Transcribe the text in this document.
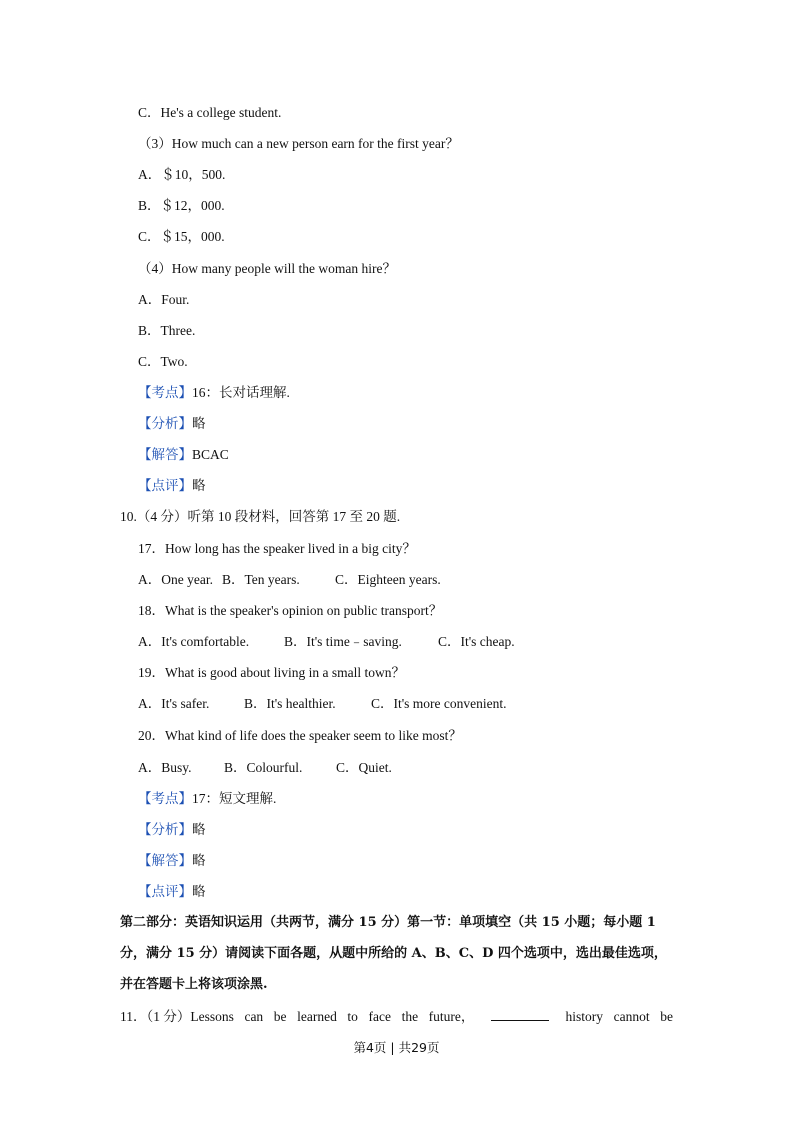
C．He's a college student.
（3）How much can a new person earn for the first year？
A．＄10，500.
B．＄12，000.
C．＄15，000.
（4）How many people will the woman hire？
A．Four.
B．Three.
C．Two.
【考点】16：长对话理解.
【分析】略
【解答】BCAC
【点评】略
10.（4 分）听第 10 段材料，回答第 17 至 20 题.
17．How long has the speaker lived in a big city？
A．One year. B．Ten years.	C．Eighteen years.
18．What is the speaker's opinion on public transport？
A．It's comfortable.	B．It's time﹣saving.	C．It's cheap.
19．What is good about living in a small town？
A．It's safer.	B．It's healthier.	C．It's more convenient.
20．What kind of life does the speaker seem to like most？
A．Busy. B．Colourful. C．Quiet.
【考点】17：短文理解.
【分析】略
【解答】略
【点评】略
第二部分：英语知识运用（共两节，满分 15 分）第一节：单项填空（共 15 小题；每小题 1
分，满分 15 分）请阅读下面各题，从题中所给的 A、B、C、D 四个选项中，选出最佳选项，
并在答题卡上将该项涂黑.
11．（1 分）Lessons can be learned to face the future，	history cannot be
第4页 | 共29页
